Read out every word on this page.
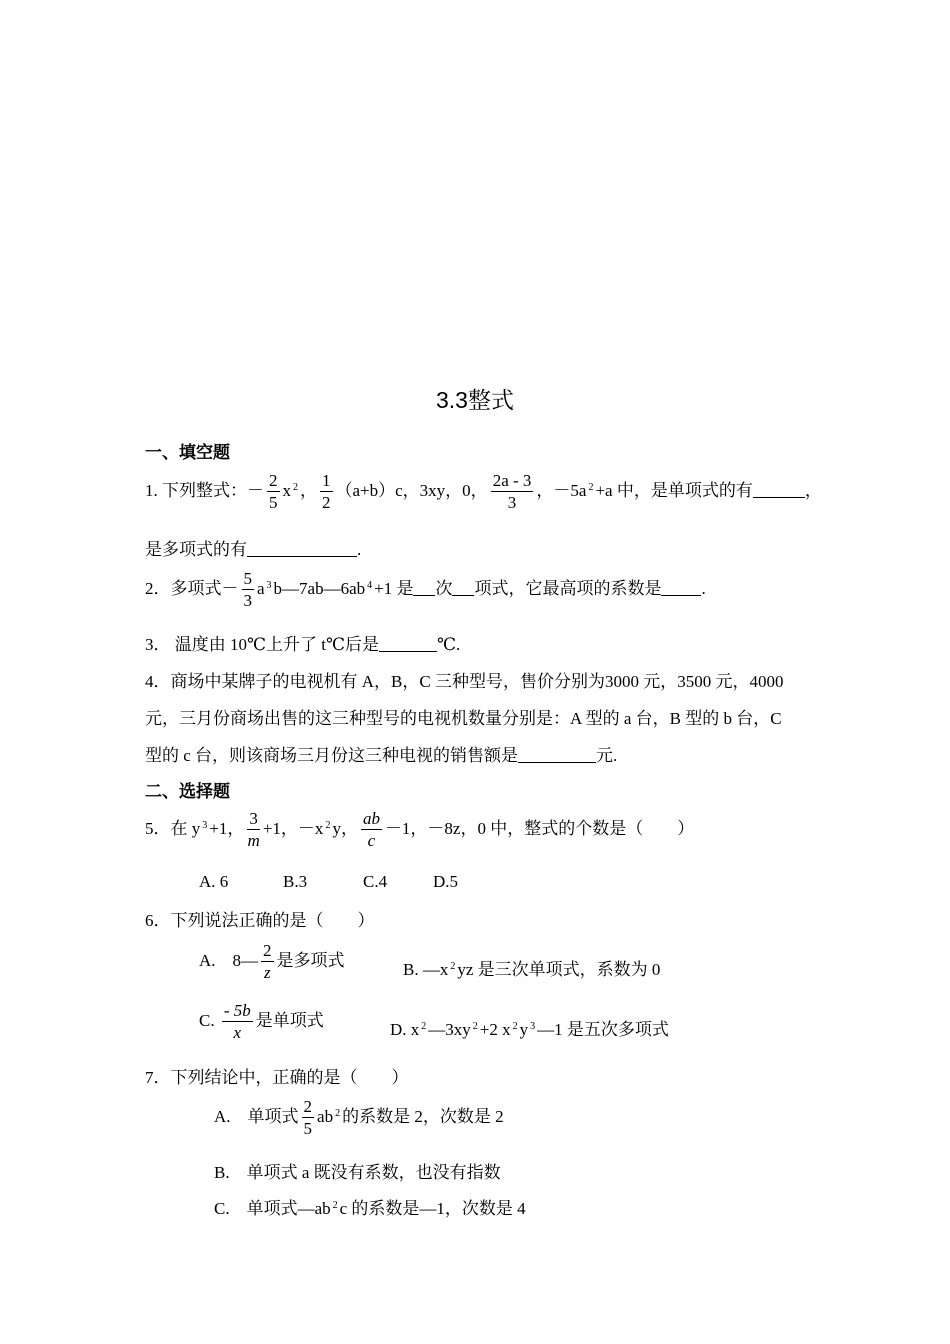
3.3整式
一、填空题
1. 下列整式：－ $\frac{2}{5}$ x $^2$ ， $\frac{1}{2} (a+b)c$，3xy，0， $\frac{2a - 3}{3}$ ，－5a $^2$ +a 中，是单项式的有	，
是多项式的有	.
2．多项式－ $\frac{5}{3}$ a $^3$ b—7ab—6ab $^4$ +1 是 次 项式，它最高项的系数是 .
3． 温度由 10℃上升了 t℃后是	℃.
4．商场中某牌子的电视机有 A，B，C 三种型号，售价分别为3000 元，3500 元，4000
元，三月份商场出售的这三种型号的电视机数量分别是：A 型的 a 台，B 型的 b 台，C
型的 c 台，则该商场三月份这三种电视的销售额是	元.
二、选择题
5．在 y $^3$ +1， $\frac{3}{m} +1$，－x $^2$ y， $\frac{ab}{c} -1$，－8z，0 中，整式的个数是（　　）
A. 6	B.3	C.4	D.5
6．下列说法正确的是（　　）
A.　8— $\frac{2}{z}$ 是多项式	B. —x $^2$ yz 是三次单项式，系数为 0
C. $\frac{- 5b}{x}$ 是单项式	D. x $^2$ —3xy $^2$ +2 x $^2$ y $^3$ —1 是五次多项式
7．下列结论中，正确的是（　　）
A.　单项式 $\frac{2}{5}$ ab $^2$ 的系数是 2，次数是 2
B.　单项式 a 既没有系数，也没有指数
C.　单项式—ab $^2$ c 的系数是—1，次数是 4
